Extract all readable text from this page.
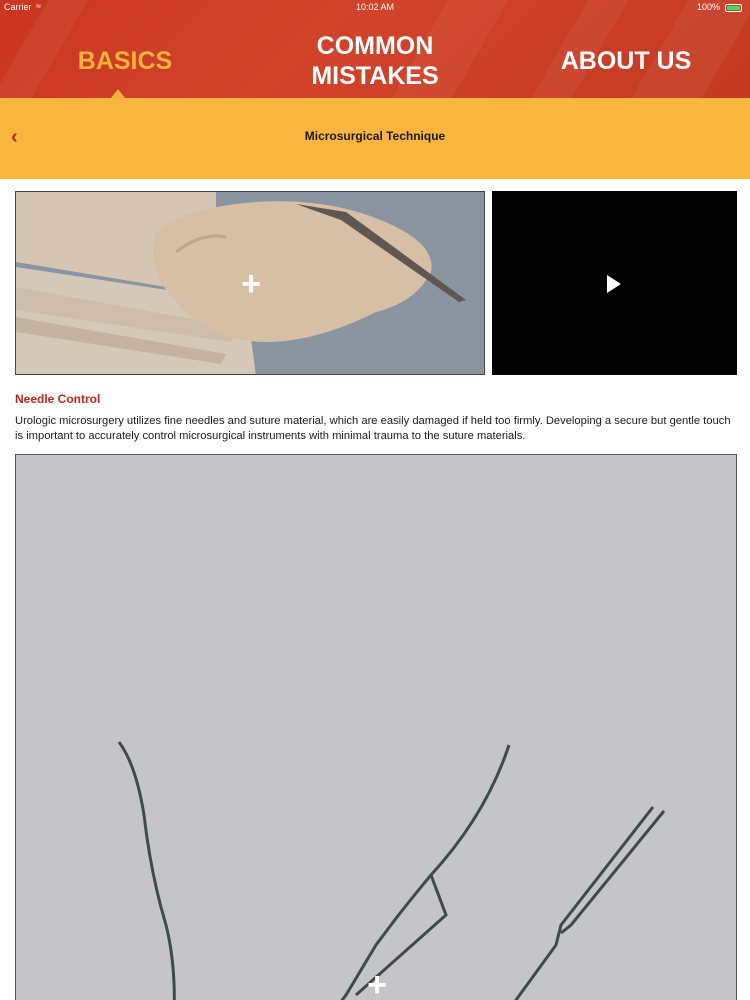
Carrier ≈	10:02 AM	100%
BASICS
COMMON
MISTAKES
ABOUT US
‹	Microsurgical Technique
+
Needle Control
Urologic microsurgery utilizes fine needles and suture material, which are easily damaged if held too firmly. Developing a secure but gentle touch is important to accurately control microsurgical instruments with minimal trauma to the suture materials.
+
